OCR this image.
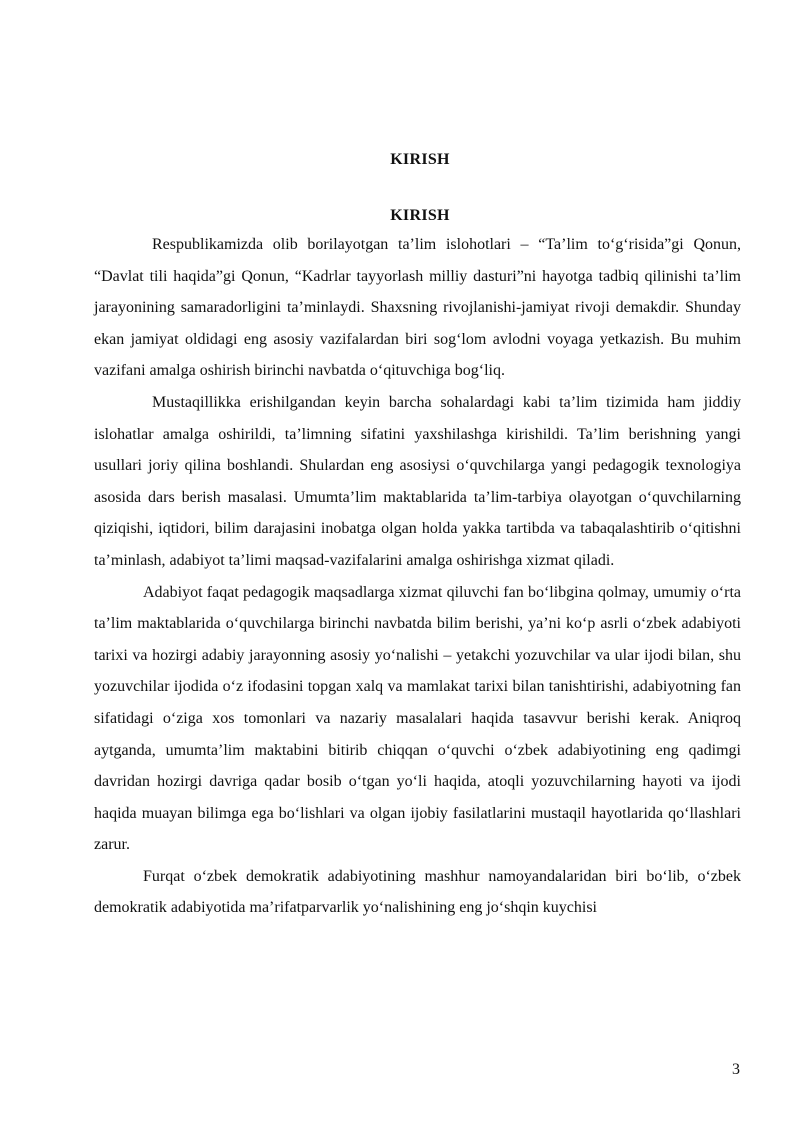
KIRISH
KIRISH

Respublikamizda olib borilayotgan ta’lim islohotlari – “Ta’lim to‘g‘risida”gi Qonun, “Davlat tili haqida”gi Qonun, “Kadrlar tayyorlash milliy dasturi”ni hayotga tadbiq qilinishi ta’lim jarayonining samaradorligini ta’minlaydi. Shaxsning rivojlanishi-jamiyat rivoji demakdir. Shunday ekan jamiyat oldidagi eng asosiy vazifalardan biri sog‘lom avlodni voyaga yetkazish. Bu muhim vazifani amalga oshirish birinchi navbatda o‘qituvchiga bog‘liq.

Mustaqillikka erishilgandan keyin barcha sohalardagi kabi ta’lim tizimida ham jiddiy islohatlar amalga oshirildi, ta’limning sifatini yaxshilashga kirishildi. Ta’lim berishning yangi usullari joriy qilina boshlandi. Shulardan eng asosiysi o‘quvchilarga yangi pedagogik texnologiya asosida dars berish masalasi. Umumta’lim maktablarida ta’lim-tarbiya olayotgan o‘quvchilarning qiziqishi, iqtidori, bilim darajasini inobatga olgan holda yakka tartibda va tabaqalashtirib o‘qitishni ta’minlash, adabiyot ta’limi maqsad-vazifalarini amalga oshirishga xizmat qiladi.

Adabiyot faqat pedagogik maqsadlarga xizmat qiluvchi fan bo‘libgina qolmay, umumiy o‘rta ta’lim maktablarida o‘quvchilarga birinchi navbatda bilim berishi, ya’ni ko‘p asrli o‘zbek adabiyoti tarixi va hozirgi adabiy jarayonning asosiy yo‘nalishi – yetakchi yozuvchilar va ular ijodi bilan, shu yozuvchilar ijodida o‘z ifodasini topgan xalq va mamlakat tarixi bilan tanishtirishi, adabiyotning fan sifatidagi o‘ziga xos tomonlari va nazariy masalalari haqida tasavvur berishi kerak. Aniqroq aytganda, umumta’lim maktabini bitirib chiqqan o‘quvchi o‘zbek adabiyotining eng qadimgi davridan hozirgi davriga qadar bosib o‘tgan yo‘li haqida, atoqli yozuvchilarning hayoti va ijodi haqida muayan bilimga ega bo‘lishlari va olgan ijobiy fasilatlarini mustaqil hayotlarida qo‘llashlari zarur.

Furqat o‘zbek demokratik adabiyotining mashhur namoyandalaridan biri bo‘lib, o‘zbek demokratik adabiyotida ma’rifatparvarlik yo‘nalishining eng jo‘shqin kuychisi

3
